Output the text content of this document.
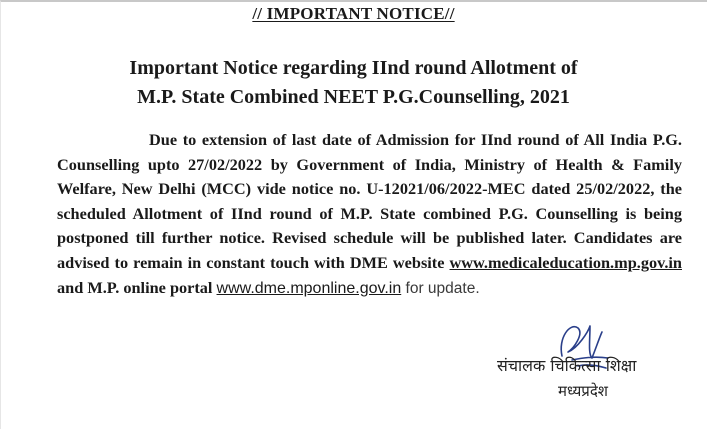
// IMPORTANT NOTICE//
Important Notice regarding IInd round Allotment of
M.P. State Combined NEET P.G.Counselling, 2021
Due to extension of last date of Admission for IInd round of All India P.G. Counselling upto 27/02/2022 by Government of India, Ministry of Health & Family Welfare, New Delhi (MCC) vide notice no. U-12021/06/2022-MEC dated 25/02/2022, the scheduled Allotment of IInd round of M.P. State combined P.G. Counselling is being postponed till further notice. Revised schedule will be published later. Candidates are advised to remain in constant touch with DME website www.medicaleducation.mp.gov.in and M.P. online portal www.dme.mponline.gov.in for update.
संचालक चिकित्सा शिक्षा
मध्यप्रदेश
